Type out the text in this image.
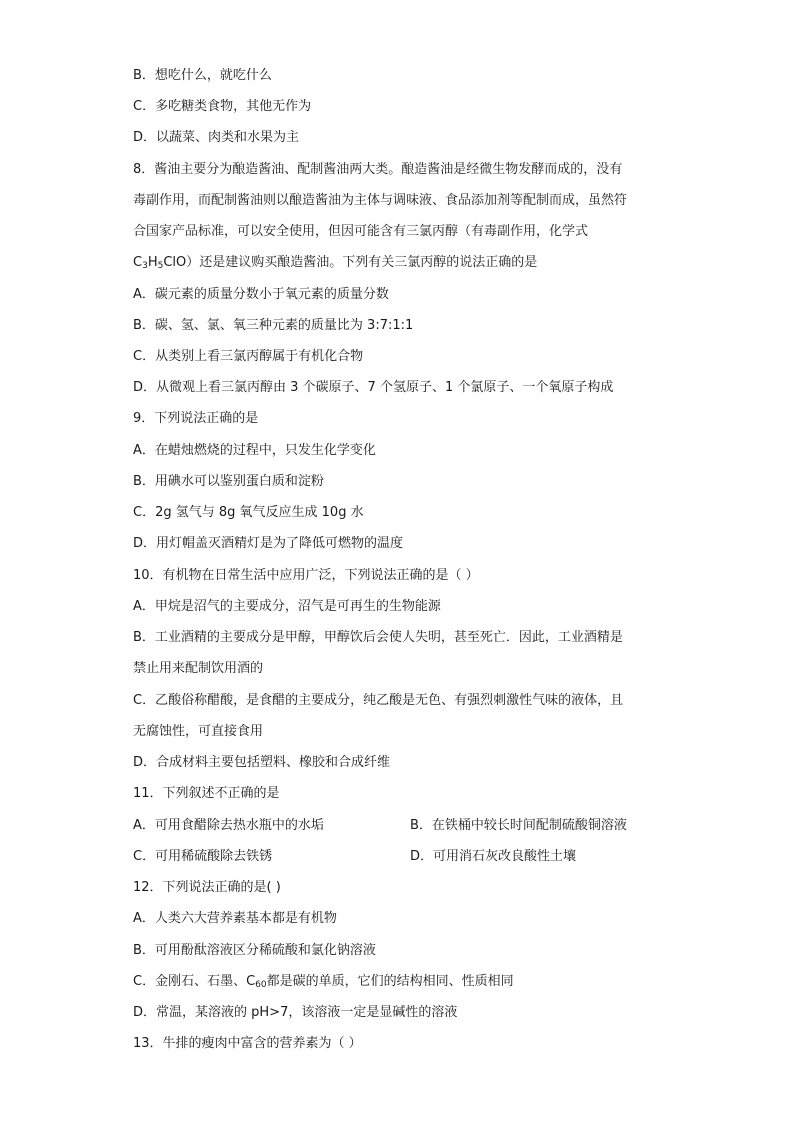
B．想吃什么，就吃什么
C．多吃糖类食物，其他无作为
D．以蔬菜、肉类和水果为主
8．酱油主要分为酿造酱油、配制酱油两大类。酿造酱油是经微生物发酵而成的，没有
毒副作用，而配制酱油则以酿造酱油为主体与调味液、食品添加剂等配制而成，虽然符
合国家产品标准，可以安全使用，但因可能含有三氯丙醇（有毒副作用，化学式
$C_3H_5ClO$）还是建议购买酿造酱油。下列有关三氯丙醇的说法正确的是
A．碳元素的质量分数小于氧元素的质量分数
B．碳、氢、氯、氧三种元素的质量比为 3:7:1:1
C．从类别上看三氯丙醇属于有机化合物
D．从微观上看三氯丙醇由 3 个碳原子、7 个氢原子、1 个氯原子、一个氧原子构成
9．下列说法正确的是
A．在蜡烛燃烧的过程中，只发生化学变化
B．用碘水可以鉴别蛋白质和淀粉
C．2g 氢气与 8g 氧气反应生成 10g 水
D．用灯帽盖灭酒精灯是为了降低可燃物的温度
10．有机物在日常生活中应用广泛，下列说法正确的是（ ）
A．甲烷是沼气的主要成分，沼气是可再生的生物能源
B．工业酒精的主要成分是甲醇，甲醇饮后会使人失明，甚至死亡．因此，工业酒精是
禁止用来配制饮用酒的
C．乙酸俗称醋酸，是食醋的主要成分，纯乙酸是无色、有强烈刺激性气味的液体，且
无腐蚀性，可直接食用
D．合成材料主要包括塑料、橡胶和合成纤维
11．下列叙述不正确的是
A．可用食醋除去热水瓶中的水垢	B．在铁桶中较长时间配制硫酸铜溶液
C．可用稀硫酸除去铁锈	D．可用消石灰改良酸性土壤
12．下列说法正确的是( )
A．人类六大营养素基本都是有机物
B．可用酚酞溶液区分稀硫酸和氯化钠溶液
C．金刚石、石墨、$C_{60}$都是碳的单质，它们的结构相同、性质相同
D．常温，某溶液的 pH>7，该溶液一定是显碱性的溶液
13．牛排的瘦肉中富含的营养素为（ ）
